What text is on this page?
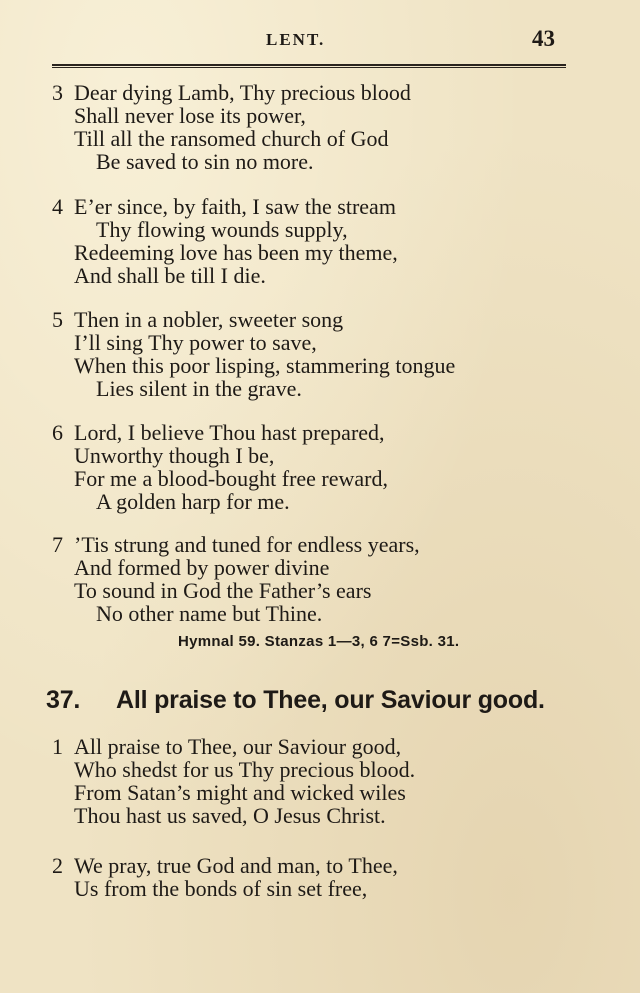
LENT.	43
3 Dear dying Lamb, Thy precious blood
Shall never lose its power,
Till all the ransomed church of God
Be saved to sin no more.
4 E’er since, by faith, I saw the stream
Thy flowing wounds supply,
Redeeming love has been my theme,
And shall be till I die.
5 Then in a nobler, sweeter song
I’ll sing Thy power to save,
When this poor lisping, stammering tongue
Lies silent in the grave.
6 Lord, I believe Thou hast prepared,
Unworthy though I be,
For me a blood-bought free reward,
A golden harp for me.
7 ’Tis strung and tuned for endless years,
And formed by power divine
To sound in God the Father’s ears
No other name but Thine.
Hymnal 59. Stanzas 1—3, 6 7=Ssb. 31.
37. All praise to Thee, our Saviour good.
1 All praise to Thee, our Saviour good,
Who shedst for us Thy precious blood.
From Satan’s might and wicked wiles
Thou hast us saved, O Jesus Christ.
2 We pray, true God and man, to Thee,
Us from the bonds of sin set free,
